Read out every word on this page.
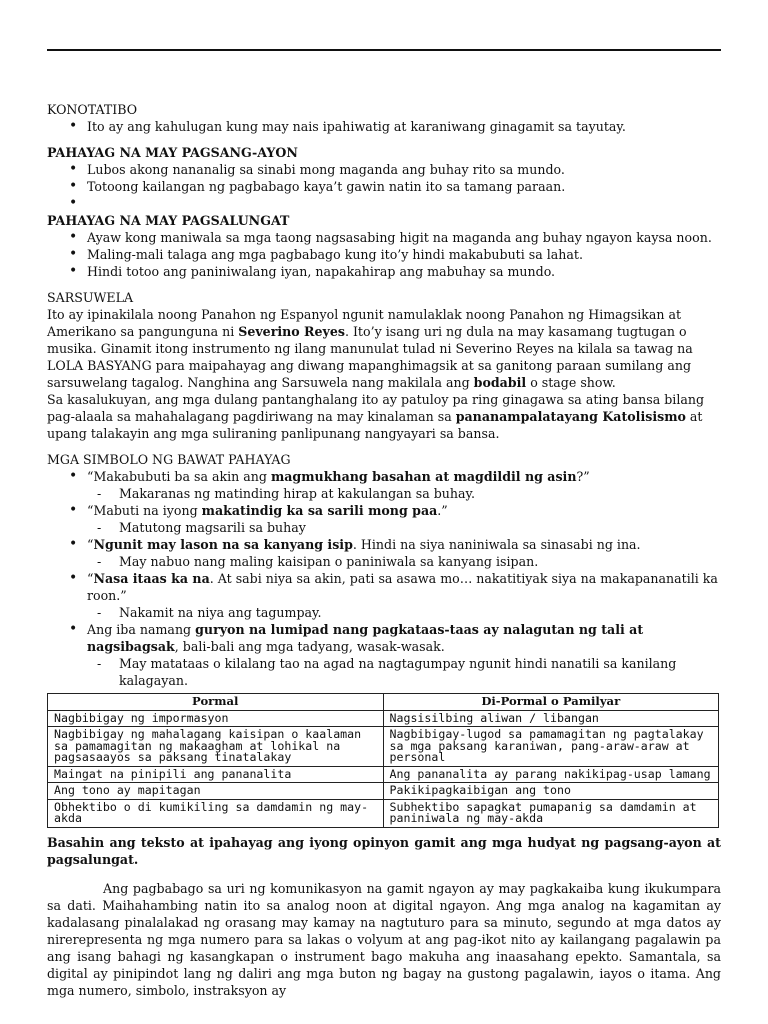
KONOTATIBO

• Ito ay ang kahulugan kung may nais ipahiwatig at karaniwang ginagamit sa tayutay.

PAHAYAG NA MAY PAGSANG-AYON

• Lubos akong nananalig sa sinabi mong maganda ang buhay rito sa mundo.
• Totoong kailangan ng pagbabago kaya’t gawin natin ito sa tamang paraan.
•

PAHAYAG NA MAY PAGSALUNGAT

• Ayaw kong maniwala sa mga taong nagsasabing higit na maganda ang buhay ngayon kaysa noon.
• Maling-mali talaga ang mga pagbabago kung ito’y hindi makabubuti sa lahat.
• Hindi totoo ang paniniwalang iyan, napakahirap ang mabuhay sa mundo.

SARSUWELA

Ito ay ipinakilala noong Panahon ng Espanyol ngunit namulaklak noong Panahon ng Himagsikan at Amerikano sa pangunguna ni Severino Reyes. Ito’y isang uri ng dula na may kasamang tugtugan o musika. Ginamit itong instrumento ng ilang manunulat tulad ni Severino Reyes na kilala sa tawag na LOLA BASYANG para maipahayag ang diwang mapanghimagsik at sa ganitong paraan sumilang ang sarsuwelang tagalog. Nanghina ang Sarsuwela nang makilala ang bodabil o stage show.

Sa kasalukuyan, ang mga dulang pantanghalang ito ay patuloy pa ring ginagawa sa ating bansa bilang pag-alaala sa mahahalagang pagdiriwang na may kinalaman sa pananampalatayang Katolisismo at upang talakayin ang mga suliraning panlipunang nangyayari sa bansa.

MGA SIMBOLO NG BAWAT PAHAYAG

• “Makabubuti ba sa akin ang magmukhang basahan at magdildil ng asin?”
- Makaranas ng matinding hirap at kakulangan sa buhay.
• “Mabuti na iyong makatindig ka sa sarili mong paa.”
- Matutong magsarili sa buhay
• “Ngunit may lason na sa kanyang isip. Hindi na siya naniniwala sa sinasabi ng ina.
- May nabuo nang maling kaisipan o paniniwala sa kanyang isipan.
• “Nasa itaas ka na. At sabi niya sa akin, pati sa asawa mo… nakatitiyak siya na makapananatili ka roon.”
- Nakamit na niya ang tagumpay.
• Ang iba namang guryon na lumipad nang pagkataas-taas ay nalagutan ng tali at nagsibagsak, bali-bali ang mga tadyang, wasak-wasak.
- May matataas o kilalang tao na agad na nagtagumpay ngunit hindi nanatili sa kanilang kalagayan.
Pormal	Di-Pormal o Pamilyar
Nagbibigay ng impormasyon	Nagsisilbing aliwan / libangan
Nagbibigay ng mahalagang kaisipan o kaalaman sa pamamagitan ng makaagham at lohikal na pagsasaayos sa paksang tinatalakay	Nagbibigay-lugod sa pamamagitan ng pagtalakay sa mga paksang karaniwan, pang-araw-araw at personal
Maingat na pinipili ang pananalita	Ang pananalita ay parang nakikipag-usap lamang
Ang tono ay mapitagan	Pakikipagkaibigan ang tono
Obhektibo o di kumikiling sa damdamin ng may-akda	Subhektibo sapagkat pumapanig sa damdamin at paniniwala ng may-akda

Basahin ang teksto at ipahayag ang iyong opinyon gamit ang mga hudyat ng pagsang-ayon at pagsalungat.

Ang pagbabago sa uri ng komunikasyon na gamit ngayon ay may pagkakaiba kung ikukumpara sa dati. Maihahambing natin ito sa analog noon at digital ngayon. Ang mga analog na kagamitan ay kadalasang pinalalakad ng orasang may kamay na nagtuturo para sa minuto, segundo at mga datos ay nirerepresenta ng mga numero para sa lakas o volyum at ang pag-ikot nito ay kailangang pagalawin pa ang isang bahagi ng kasangkapan o instrument bago makuha ang inaasahang epekto. Samantala, sa digital ay pinipindot lang ng daliri ang mga buton ng bagay na gustong pagalawin, iayos o itama. Ang mga numero, simbolo, instraksyon ay
